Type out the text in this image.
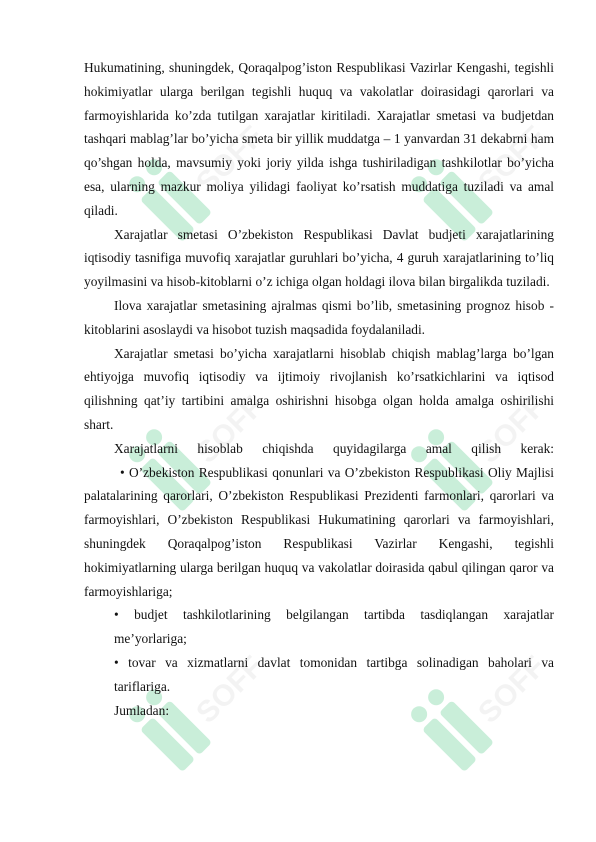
SOFF	SOFF
SOFF	SOFF
SOFF	SOFF

Hukumatining, shuningdek, Qoraqalpog’iston Respublikasi Vazirlar Kengashi, tegishli hokimiyatlar ularga berilgan tegishli huquq va vakolatlar doirasidagi qarorlari va farmoyishlarida ko’zda tutilgan xarajatlar kiritiladi. Xarajatlar smetasi va budjetdan tashqari mablag’lar bo’yicha smeta bir yillik muddatga – 1 yanvardan 31 dekabrni ham qo’shgan holda, mavsumiy yoki joriy yilda ishga tushiriladigan tashkilotlar bo’yicha esa, ularning mazkur moliya yilidagi faoliyat ko’rsatish muddatiga tuziladi va amal qiladi.

Xarajatlar smetasi O’zbekiston Respublikasi Davlat budjeti xarajatlarining iqtisodiy tasnifiga muvofiq xarajatlar guruhlari bo’yicha, 4 guruh xarajatlarining to’liq yoyilmasini va hisob-kitoblarni o’z ichiga olgan holdagi ilova bilan birgalikda tuziladi.

Ilova xarajatlar smetasining ajralmas qismi bo’lib, smetasining prognoz hisob - kitoblarini asoslaydi va hisobot tuzish maqsadida foydalaniladi.

Xarajatlar smetasi bo’yicha xarajatlarni hisoblab chiqish mablag’larga bo’lgan ehtiyojga muvofiq iqtisodiy va ijtimoiy rivojlanish ko’rsatkichlarini va iqtisod qilishning qat’iy tartibini amalga oshirishni hisobga olgan holda amalga oshirilishi shart.

Xarajatlarni hisoblab chiqishda quyidagilarga amal qilish kerak:

• O’zbekiston Respublikasi qonunlari va O’zbekiston Respublikasi Oliy Majlisi palatalarining qarorlari, O’zbekiston Respublikasi Prezidenti farmonlari, qarorlari va farmoyishlari, O’zbekiston Respublikasi Hukumatining qarorlari va farmoyishlari, shuningdek Qoraqalpog’iston Respublikasi Vazirlar Kengashi, tegishli hokimiyatlarning ularga berilgan huquq va vakolatlar doirasida qabul qilingan qaror va farmoyishlariga;

• budjet tashkilotlarining belgilangan tartibda tasdiqlangan xarajatlar me’yorlariga;

• tovar va xizmatlarni davlat tomonidan tartibga solinadigan baholari va tariflariga.

Jumladan:
